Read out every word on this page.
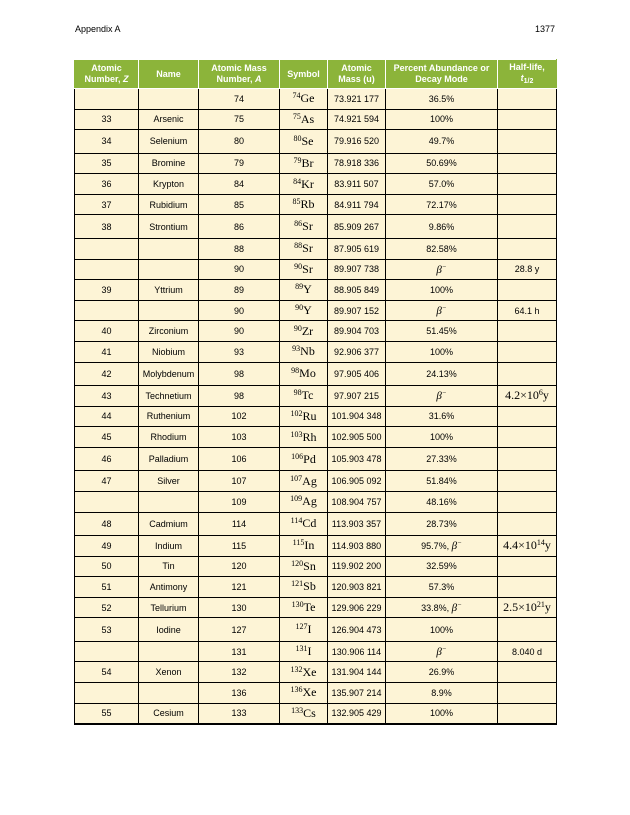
Appendix A	1377
Atomic Number, Z	Name	Atomic Mass Number, A	Symbol	Atomic Mass (u)	Percent Abundance or Decay Mode	Half-life,
$t_{1/2}$
		74	$^{74}$Ge	73.921 177	36.5%	
33	Arsenic	75	$^{75}$As	74.921 594	100%	
34	Selenium	80	$^{80}$Se	79.916 520	49.7%	
35	Bromine	79	$^{79}$Br	78.918 336	50.69%	
36	Krypton	84	$^{84}$Kr	83.911 507	57.0%	
37	Rubidium	85	$^{85}$Rb	84.911 794	72.17%	
38	Strontium	86	$^{86}$Sr	85.909 267	9.86%	
		88	$^{88}$Sr	87.905 619	82.58%	
		90	$^{90}$Sr	89.907 738	β−	28.8 y
39	Yttrium	89	$^{89}$Y	88.905 849	100%	
		90	$^{90}$Y	89.907 152	β−	64.1 h
40	Zirconium	90	$^{90}$Zr	89.904 703	51.45%	
41	Niobium	93	$^{93}$Nb	92.906 377	100%	
42	Molybdenum	98	$^{98}$Mo	97.905 406	24.13%	
43	Technetium	98	$^{98}$Tc	97.907 215	β−	$4.2\times 10^6y$
44	Ruthenium	102	$^{102}$Ru	101.904 348	31.6%	
45	Rhodium	103	$^{103}$Rh	102.905 500	100%	
46	Palladium	106	$^{106}$Pd	105.903 478	27.33%	
47	Silver	107	$^{107}$Ag	106.905 092	51.84%	
		109	$^{109}$Ag	108.904 757	48.16%	
48	Cadmium	114	$^{114}$Cd	113.903 357	28.73%	
49	Indium	115	$^{115}$In	114.903 880	95.7%, β−	$4.4\times 10^{14}y$
50	Tin	120	$^{120}$Sn	119.902 200	32.59%	
51	Antimony	121	$^{121}$Sb	120.903 821	57.3%	
52	Tellurium	130	$^{130}$Te	129.906 229	33.8%, β−	$2.5\times 10^{21}y$
53	Iodine	127	$^{127}$I	126.904 473	100%	
		131	$^{131}$I	130.906 114	β−	8.040 d
54	Xenon	132	$^{132}$Xe	131.904 144	26.9%	
		136	$^{136}$Xe	135.907 214	8.9%	
55	Cesium	133	$^{133}$Cs	132.905 429	100%	
